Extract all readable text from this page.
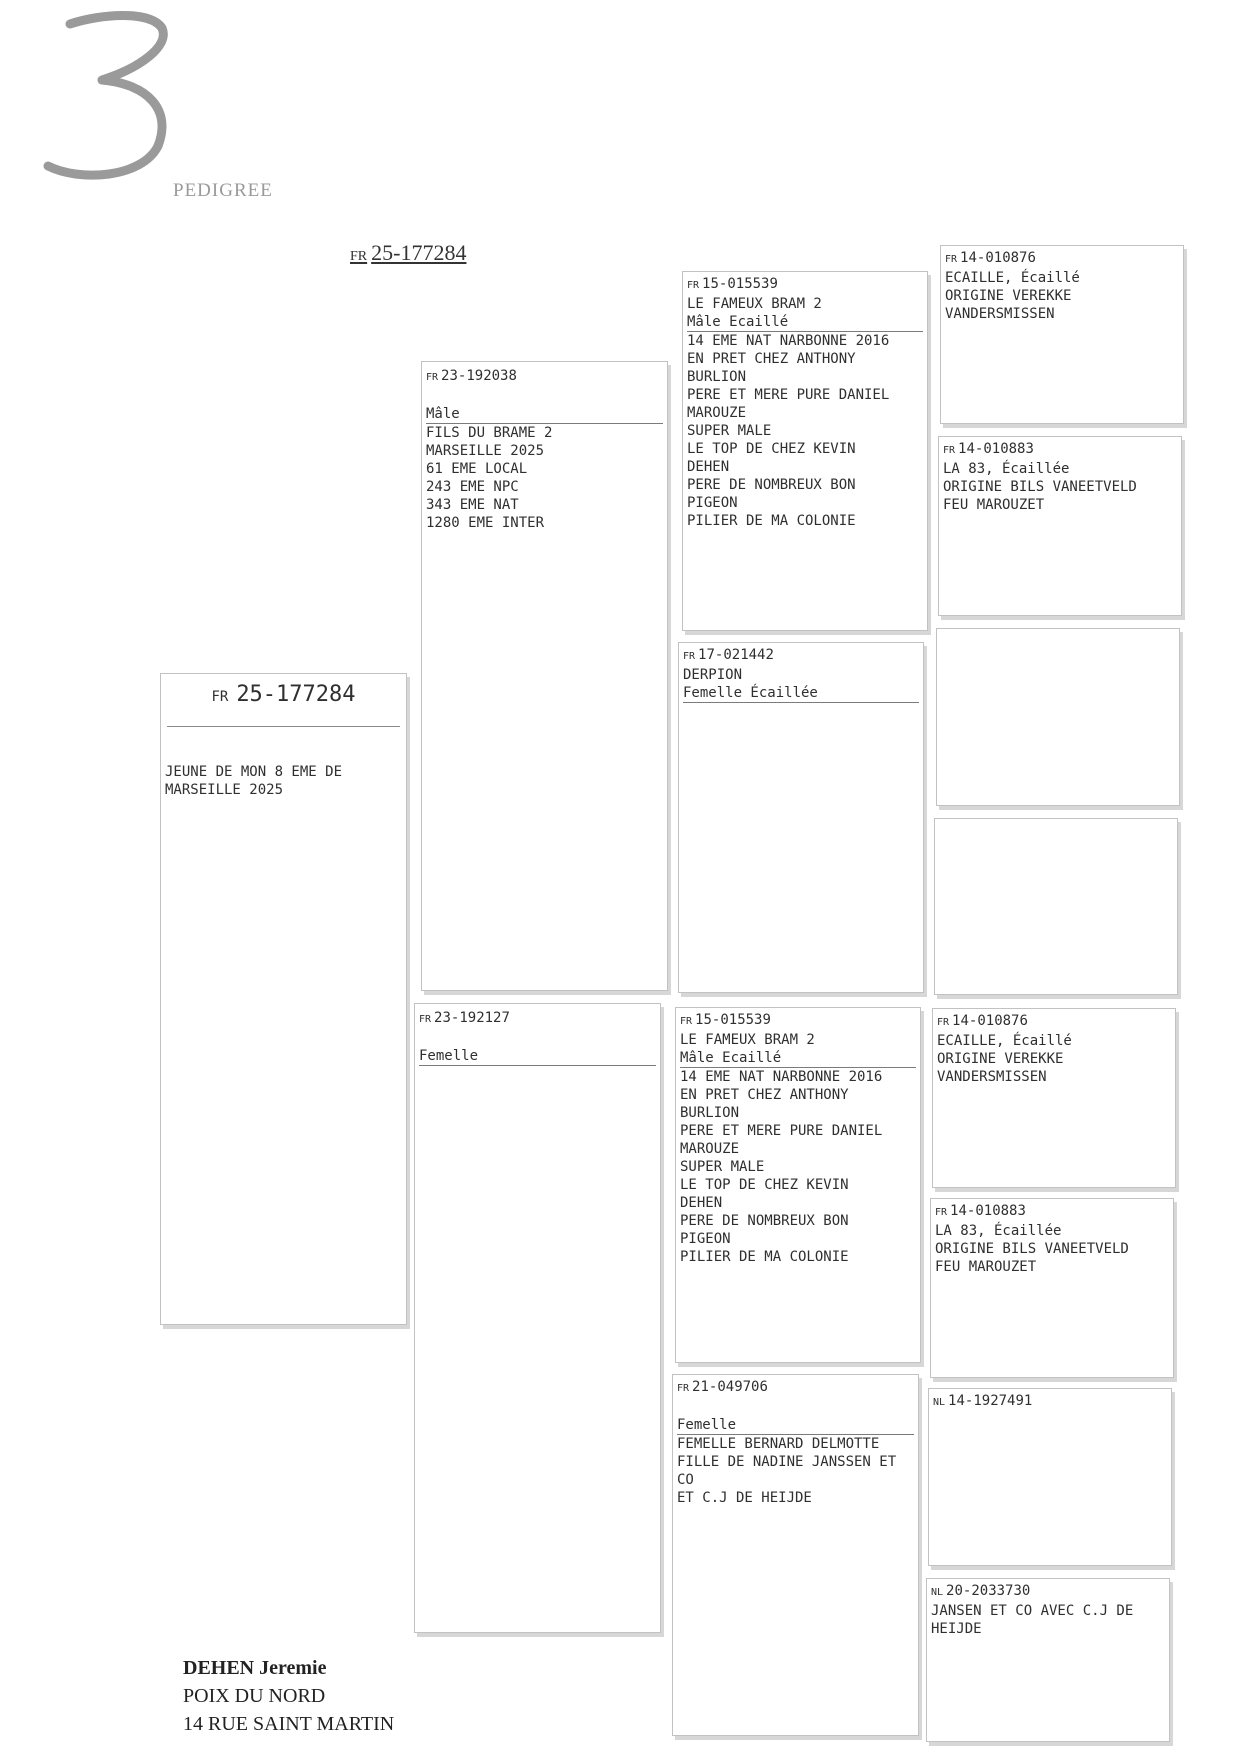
PEDIGREE
FR 25-177284
FR 25-177284
JEUNE DE MON 8 EME DE
MARSEILLE 2025
FR 23-192038
Mâle
FILS DU BRAME 2
MARSEILLE 2025
61 EME LOCAL
243 EME NPC
343 EME NAT
1280 EME INTER
FR 23-192127
Femelle
FR 15-015539
LE FAMEUX BRAM 2
Mâle Ecaillé
14 EME NAT NARBONNE 2016
EN PRET CHEZ ANTHONY
BURLION
PERE ET MERE PURE DANIEL
MAROUZE
SUPER MALE
LE TOP DE CHEZ KEVIN
DEHEN
PERE DE NOMBREUX BON
PIGEON
PILIER DE MA COLONIE
FR 17-021442
DERPION
Femelle Écaillée
FR 15-015539
LE FAMEUX BRAM 2
Mâle Ecaillé
14 EME NAT NARBONNE 2016
EN PRET CHEZ ANTHONY
BURLION
PERE ET MERE PURE DANIEL
MAROUZE
SUPER MALE
LE TOP DE CHEZ KEVIN
DEHEN
PERE DE NOMBREUX BON
PIGEON
PILIER DE MA COLONIE
FR 21-049706
Femelle
FEMELLE BERNARD DELMOTTE
FILLE DE NADINE JANSSEN ET
CO
ET C.J DE HEIJDE
FR 14-010876
ECAILLE, Écaillé
ORIGINE VEREKKE
VANDERSMISSEN
FR 14-010883
LA 83, Écaillée
ORIGINE BILS VANEETVELD
FEU MAROUZET
FR 14-010876
ECAILLE, Écaillé
ORIGINE VEREKKE
VANDERSMISSEN
FR 14-010883
LA 83, Écaillée
ORIGINE BILS VANEETVELD
FEU MAROUZET
NL 14-1927491
NL 20-2033730
JANSEN ET CO AVEC C.J DE
HEIJDE
DEHEN Jeremie
POIX DU NORD
14 RUE SAINT MARTIN
